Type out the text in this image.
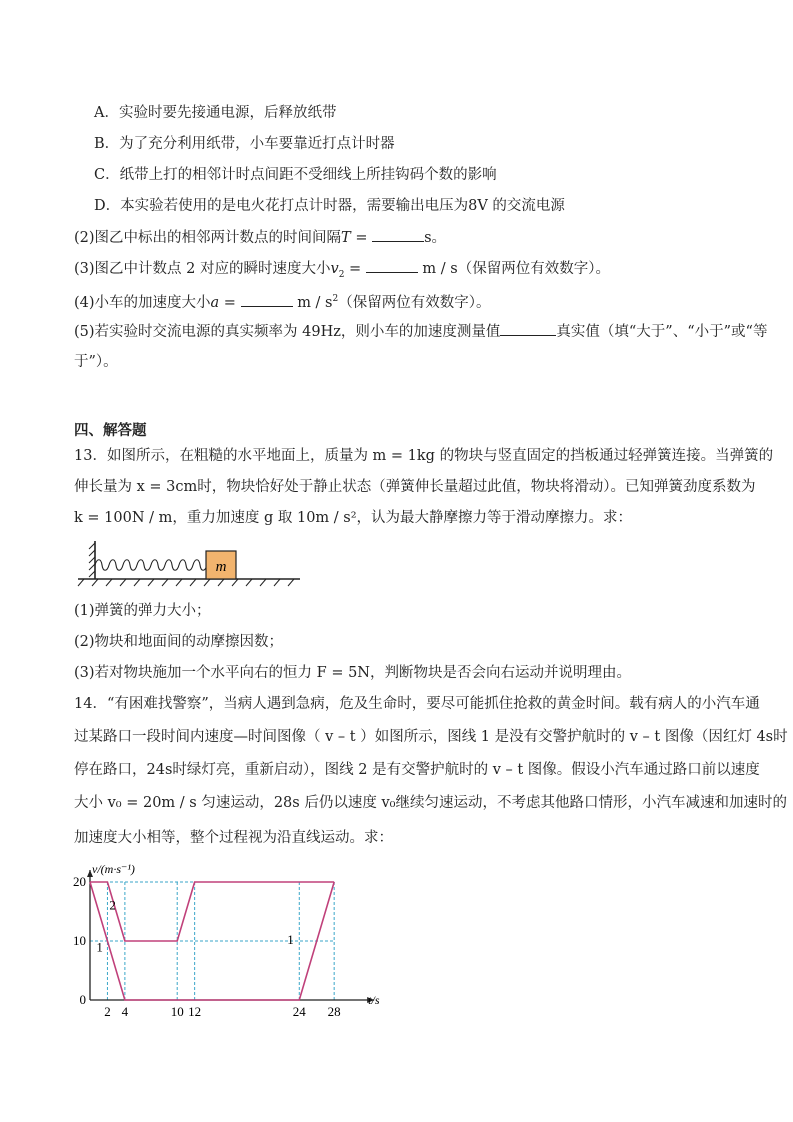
A．实验时要先接通电源，后释放纸带
B．为了充分利用纸带，小车要靠近打点计时器
C．纸带上打的相邻计时点间距不受细线上所挂钩码个数的影响
D．本实验若使用的是电火花打点计时器，需要输出电压为8V 的交流电源
(2)图乙中标出的相邻两计数点的时间间隔T =	s。
(3)图乙中计数点 2 对应的瞬时速度大小$v_2$ =	m / s（保留两位有效数字）。
(4)小车的加速度大小a =	m / $s^2$（保留两位有效数字）。
(5)若实验时交流电源的真实频率为 49Hz，则小车的加速度测量值	真实值（填“大于”、“小于”或“等
于”）。
四、解答题
13．如图所示，在粗糙的水平地面上，质量为 m = 1kg 的物块与竖直固定的挡板通过轻弹簧连接。当弹簧的
伸长量为 x = 3cm时，物块恰好处于静止状态（弹簧伸长量超过此值，物块将滑动）。已知弹簧劲度系数为
k = 100N / m，重力加速度 g 取 10m / s²，认为最大静摩擦力等于滑动摩擦力。求：
m
(1)弹簧的弹力大小；
(2)物块和地面间的动摩擦因数；
(3)若对物块施加一个水平向右的恒力 F = 5N，判断物块是否会向右运动并说明理由。
14．“有困难找警察”，当病人遇到急病，危及生命时，要尽可能抓住抢救的黄金时间。载有病人的小汽车通
过某路口一段时间内速度—时间图像（ v – t ）如图所示，图线 1 是没有交警护航时的 v – t 图像（因红灯 4s时
停在路口，24s时绿灯亮，重新启动），图线 2 是有交警护航时的 v – t 图像。假设小汽车通过路口前以速度
大小 v₀ = 20m / s 匀速运动，28s 后仍以速度 v₀继续匀速运动，不考虑其他路口情形，小汽车减速和加速时的
加速度大小相等，整个过程视为沿直线运动。求：
1
1
2
2 4	10 12	24 28
0
10
20
v/(m·s⁻¹)
t/s
